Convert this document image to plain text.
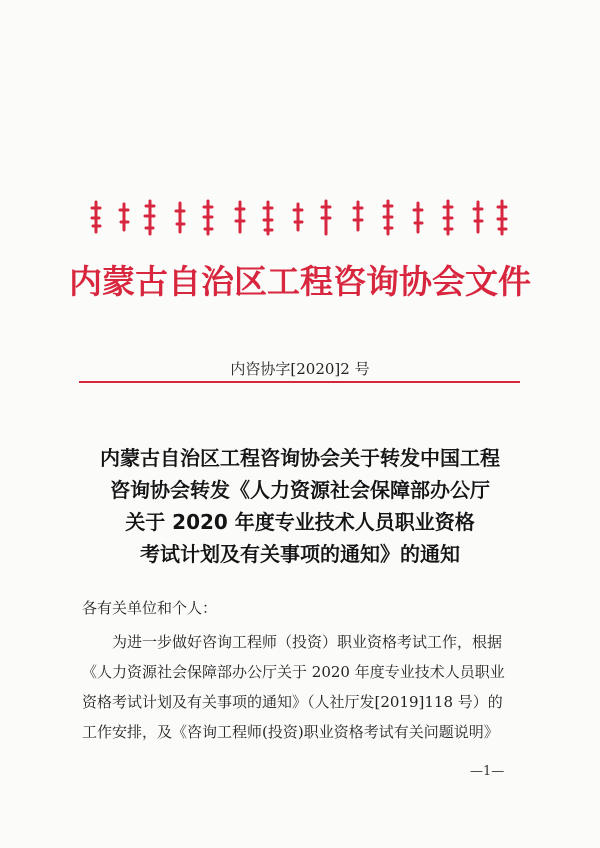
内蒙古自治区工程咨询协会文件
内咨协字[2020]2 号
内蒙古自治区工程咨询协会关于转发中国工程
咨询协会转发《人力资源社会保障部办公厅
关于 2020 年度专业技术人员职业资格
考试计划及有关事项的通知》的通知
各有关单位和个人：
为进一步做好咨询工程师（投资）职业资格考试工作，根据
《人力资源社会保障部办公厅关于 2020 年度专业技术人员职业
资格考试计划及有关事项的通知》（人社厅发[2019]118 号）的
工作安排，及《咨询工程师(投资)职业资格考试有关问题说明》
—1—
